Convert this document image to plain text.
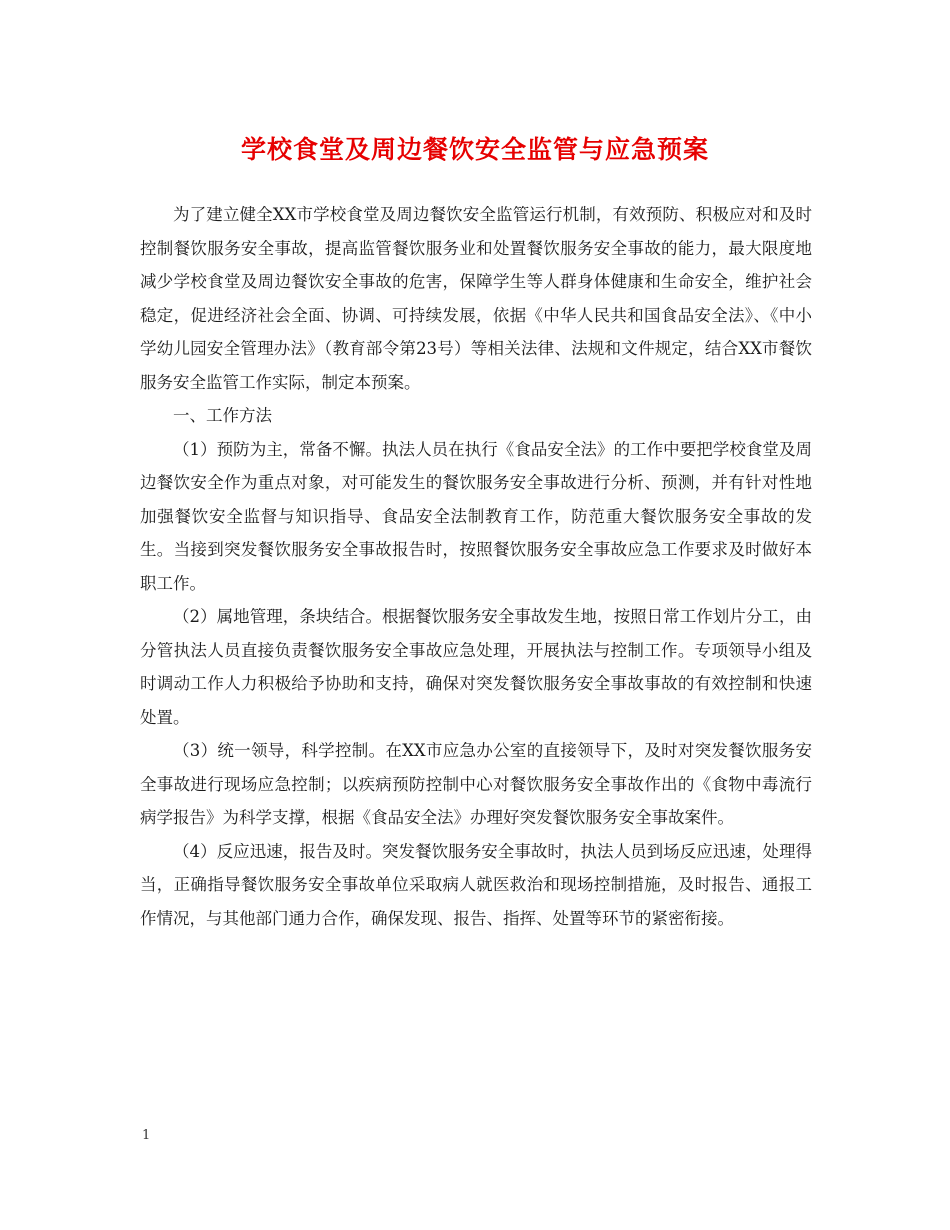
学校食堂及周边餐饮安全监管与应急预案

为了建立健全XX市学校食堂及周边餐饮安全监管运行机制，有效预防、积极应对和及时控制餐饮服务安全事故，提高监管餐饮服务业和处置餐饮服务安全事故的能力，最大限度地减少学校食堂及周边餐饮安全事故的危害，保障学生等人群身体健康和生命安全，维护社会稳定，促进经济社会全面、协调、可持续发展，依据《中华人民共和国食品安全法》、《中小学幼儿园安全管理办法》（教育部令第23号）等相关法律、法规和文件规定，结合XX市餐饮服务安全监管工作实际，制定本预案。

一、工作方法

（1）预防为主，常备不懈。执法人员在执行《食品安全法》的工作中要把学校食堂及周边餐饮安全作为重点对象，对可能发生的餐饮服务安全事故进行分析、预测，并有针对性地加强餐饮安全监督与知识指导、食品安全法制教育工作，防范重大餐饮服务安全事故的发生。当接到突发餐饮服务安全事故报告时，按照餐饮服务安全事故应急工作要求及时做好本职工作。

（2）属地管理，条块结合。根据餐饮服务安全事故发生地，按照日常工作划片分工，由分管执法人员直接负责餐饮服务安全事故应急处理，开展执法与控制工作。专项领导小组及时调动工作人力积极给予协助和支持，确保对突发餐饮服务安全事故事故的有效控制和快速处置。

（3）统一领导，科学控制。在XX市应急办公室的直接领导下，及时对突发餐饮服务安全事故进行现场应急控制；以疾病预防控制中心对餐饮服务安全事故作出的《食物中毒流行病学报告》为科学支撑，根据《食品安全法》办理好突发餐饮服务安全事故案件。

（4）反应迅速，报告及时。突发餐饮服务安全事故时，执法人员到场反应迅速，处理得当，正确指导餐饮服务安全事故单位采取病人就医救治和现场控制措施，及时报告、通报工作情况，与其他部门通力合作，确保发现、报告、指挥、处置等环节的紧密衔接。

1
